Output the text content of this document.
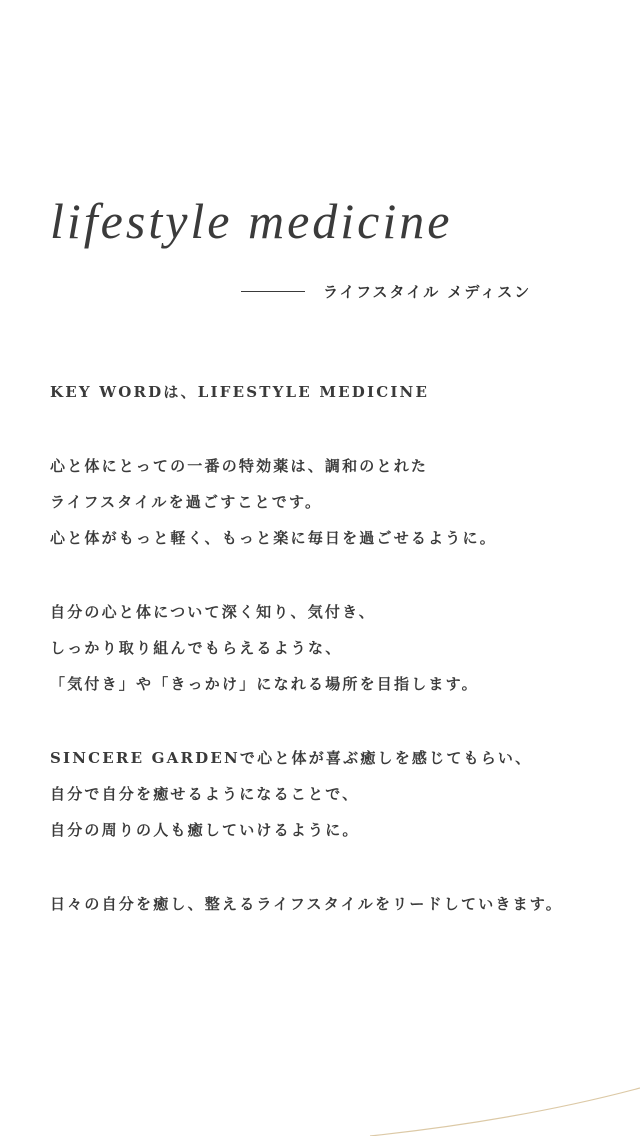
lifestyle medicine
ライフスタイル メディスン

KEY WORDは、LIFESTYLE MEDICINE

心と体にとっての一番の特効薬は、調和のとれた
ライフスタイルを過ごすことです。
心と体がもっと軽く、もっと楽に毎日を過ごせるように。

自分の心と体について深く知り、気付き、
しっかり取り組んでもらえるような、
「気付き」や「きっかけ」になれる場所を目指します。

SINCERE GARDENで心と体が喜ぶ癒しを感じてもらい、
自分で自分を癒せるようになることで、
自分の周りの人も癒していけるように。

日々の自分を癒し、整えるライフスタイルをリードしていきます。
